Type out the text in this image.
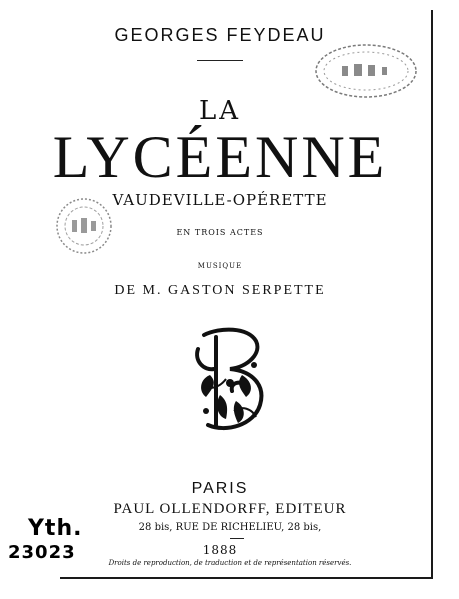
GEORGES FEYDEAU
LA
LYCÉENNE
VAUDEVILLE-OPÉRETTE
EN TROIS ACTES
MUSIQUE
DE M. GASTON SERPETTE
PARIS
PAUL OLLENDORFF, EDITEUR
28 bis, RUE DE RICHELIEU, 28 bis,
1888
Droits de reproduction, de traduction et de représentation réservés.
Yth.
23023
